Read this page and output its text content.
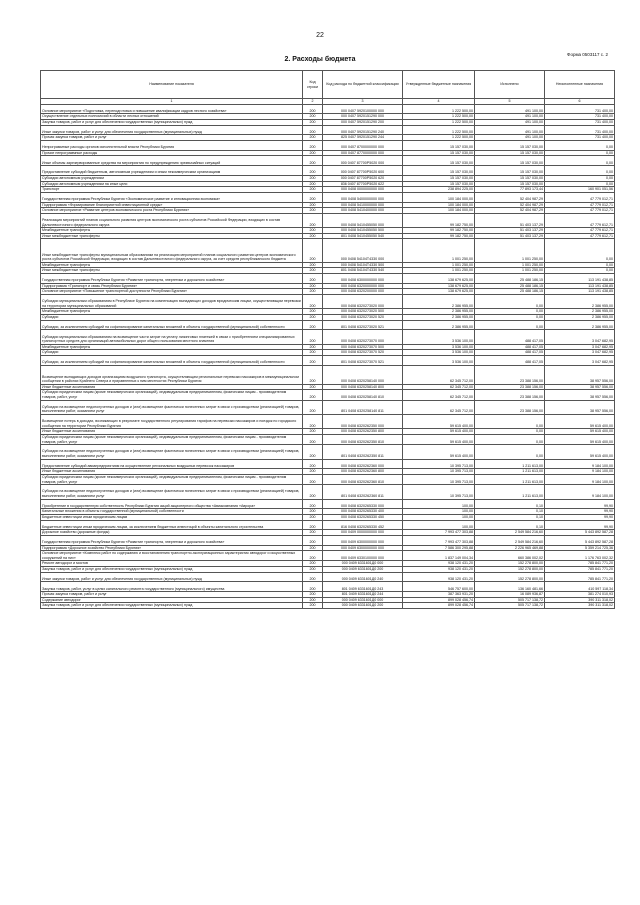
22
Форма 0503117 с. 2
2. Расходы бюджета
Наименование показателя	Код строки	Код расхода по бюджетной классификации	Утвержденные бюджетные назначения	Исполнено	Неисполненные назначения
1	2	3	4	5	6
Основное мероприятие «Подготовка, переподготовка и повышение квалификации кадров лесного хозяйства»	200	000 0407 5920100000 000	1 222 500,00	491 100,00	731 400,00
Осуществление отдельных полномочий в области лесных отношений	200	000 0407 5920151290 000	1 222 500,00	491 100,00	731 400,00
Закупка товаров, работ и услуг для обеспечения государственных (муниципальных) нужд	200	000 0407 5920151290 200	1 222 500,00	491 100,00	731 400,00
Иные закупки товаров, работ и услуг для обеспечения государственных (муниципальных) нужд	200	000 0407 5920151290 240	1 222 500,00	491 100,00	731 400,00
Прочая закупка товаров, работ и услуг	200	825 0407 5920151290 244	1 222 500,00	491 100,00	731 400,00
Непрограммные расходы органов исполнительной власти Республики Бурятия	200	000 0407 8700000000 000	15 157 030,00	15 157 030,00	0,00
Прочие непрограммные расходы	200	000 0407 8770000000 000	15 157 030,00	15 157 030,00	0,00
Иные объемы зарезервированные средства на мероприятия по предупреждению чрезвычайных ситуаций	200	000 0407 87700P5020 000	15 157 030,00	15 157 030,00	0,00
Предоставление субсидий бюджетным, автономным учреждениям и иным некоммерческим организациям	200	000 0407 87700P5020 600	15 157 030,00	15 157 030,00	0,00
Субсидии автономным учреждениям	200	000 0407 87700P5020 620	15 157 030,00	15 157 030,00	0,00
Субсидии автономным учреждениям на иные цели	200	836 0407 87700P5020 622	15 157 030,00	15 157 030,00	0,00
Транспорт	200	000 0408 0000000000 000	238 894 225,00	77 893 173,44	160 901 051,56
Государственная программа Республики Бурятия «Экономическое развитие и инновационная экономика»	200	000 0408 5400000000 000	100 184 000,00	52 404 987,29	47 779 012,71
Подпрограмма «Формирование благоприятной инвестиционной среды»	200	000 0408 5410000000 000	100 184 000,00	52 404 987,29	47 779 012,71
Основное мероприятие «Развитие центров экономического роста Республики Бурятия»	200	000 0408 5410400000 000	100 184 000,00	52 404 987,29	47 779 012,71
Реализация мероприятий планов социального развития центров экономического роста субъектов Российской Федерации, входящих в состав Дальневосточного федерального округа	200	000 0408 5410455050 000	99 182 750,00	51 403 137,29	47 779 612,71
Межбюджетные трансферты	200	000 0408 5410455050 500	99 182 750,00	51 403 137,29	47 779 612,71
Иные межбюджетные трансферты	200	801 0408 5410455050 540	99 182 750,00	51 403 137,29	47 779 612,71
Иные межбюджетные трансферты муниципальным образованиям на реализацию мероприятий планов социального развития центров экономического роста субъектов Российской Федерации, входящих в состав Дальневосточного федерального округа, за счет средств республиканского бюджета	200	000 0408 54104Т4330 000	1 001 250,00	1 001 250,00	0,00
Межбюджетные трансферты	200	000 0408 54104Т4330 500	1 001 250,00	1 001 250,00	0,00
Иные межбюджетные трансферты	200	801 0408 54104Т4330 540	1 001 250,00	1 001 250,00	0,00
Государственная программа Республики Бурятия «Развитие транспорта, энергетики и дорожного хозяйства»	200	000 0408 6300000000 000	138 679 625,00	25 488 186,15	113 191 438,85
Подпрограмма «Транспорт и связь Республики Бурятия»	200	000 0408 6320000000 000	138 679 625,00	25 488 186,15	113 191 438,85
Основное мероприятие «Повышение транспортной доступности Республики Бурятия»	200	000 0408 6320200000 000	138 679 625,00	25 488 186,15	113 191 438,85
Субсидии муниципальным образованиям в Республике Бурятия на компенсацию выпадающих доходов юридическим лицам, осуществляющим перевозки на территории муниципальных образований	200	000 0408 6320273020 000	2 386 955,00	0,00	2 386 955,00
Межбюджетные трансферты	200	000 0408 6320273020 500	2 386 955,00	0,00	2 386 955,00
Субсидии	200	000 0408 6320273020 520	2 386 955,00	0,00	2 386 955,00
Субсидии, за исключением субсидий на софинансирование капитальных вложений в объекты государственной (муниципальной) собственности	200	801 0408 6320273020 521	2 386 955,00	0,00	2 386 955,00
Субсидии муниципальным образованиям на возмещение части затрат на уплату лизинговых платежей в связи с приобретением специализированных транспортных средств для организаций автомобильных дорог общего пользования местного значения	200	000 0408 6320273070 000	3 536 100,00	488 417,05	3 047 682,95
Межбюджетные трансферты	200	000 0408 6320273070 500	3 536 100,00	488 417,05	3 047 682,95
Субсидии	200	000 0408 6320273070 520	3 536 100,00	488 417,05	3 047 682,95
Субсидии, за исключением субсидий на софинансирование капитальных вложений в объекты государственной (муниципальной) собственности	200	801 0408 6320273070 521	3 536 100,00	488 417,05	3 047 682,95
Возмещение выпадающих доходов организациям воздушного транспорта, осуществляющим региональные перевозки пассажиров в межмуниципальном сообщении в районах Крайнего Севера и приравненных к ним местностях Республики Бурятия	200	000 0408 6320258140 000	62 345 712,00	23 388 156,00	38 957 556,00
Иные бюджетные ассигнования	200	000 0408 6320258140 800	62 345 712,00	23 388 156,00	38 957 556,00
Субсидии юридическим лицам (кроме некоммерческих организаций), индивидуальным предпринимателям, физическим лицам - производителям товаров, работ, услуг	200	000 0408 6320258140 810	62 345 712,00	23 388 156,00	38 957 556,00
Субсидии на возмещение недополученных доходов и (или) возмещение фактически понесенных затрат в связи с производством (реализацией) товаров, выполнением работ, оказанием услуг	200	801 0408 6320258140 811	62 345 712,00	23 388 156,00	38 957 556,00
Возмещение потерь в доходах, возникающих в результате государственного регулирования тарифов на перевозки пассажиров и поездок по городского сообщения на территории Республики Бурятия	200	000 0408 6320262350 000	59 615 400,00	0,00	59 615 400,00
Иные бюджетные ассигнования	200	000 0408 6320262350 800	59 615 400,00	0,00	59 615 400,00
Субсидии юридическим лицам (кроме некоммерческих организаций), индивидуальным предпринимателям, физическим лицам - производителям товаров, работ, услуг	200	000 0408 6320262350 810	59 615 400,00	0,00	59 615 400,00
Субсидии на возмещение недополученных доходов и (или) возмещение фактически понесенных затрат в связи с производством (реализацией) товаров, выполнением работ, оказанием услуг	200	801 0408 6320262350 811	59 615 400,00	0,00	59 615 400,00
Предоставление субсидий авиапредприятиям на осуществление региональных воздушных перевозок пассажиров	200	000 0408 6320262360 000	10 395 713,00	1 211 613,00	9 184 100,00
Иные бюджетные ассигнования	200	000 0408 6320262360 800	10 395 713,00	1 211 613,00	9 184 100,00
Субсидии юридическим лицам (кроме некоммерческих организаций), индивидуальным предпринимателям, физическим лицам - производителям товаров, работ, услуг	200	000 0408 6320262360 810	10 395 713,00	1 211 613,00	9 184 100,00
Субсидии на возмещение недополученных доходов и (или) возмещение фактически понесенных затрат в связи с производством (реализацией) товаров, выполнением работ, оказанием услуг	200	801 0408 6320262360 811	10 395 713,00	1 211 613,00	9 184 100,00
Приобретение в государственную собственность Республики Бурятия акций акционерного общества «Авиакомпания «Аврора»	200	000 0408 6320265330 000	100,00	0,10	99,90
Капитальные вложения в объекты государственной (муниципальной) собственности	200	000 0408 6320265330 400	100,00	0,10	99,90
Бюджетные инвестиции иным юридическим лицам	200	000 0408 6320265330 450	100,00	0,10	99,90
Бюджетные инвестиции иным юридическим лицам, за исключением бюджетных инвестиций в объекты капитального строительства	200	816 0408 6320265330 452	100,00	0,10	99,90
Дорожное хозяйство (дорожные фонды)	200	000 0409 0000000000 000	7 993 477 303,88	2 549 584 216,60	5 443 892 587,28
Государственная программа Республики Бурятия «Развитие транспорта, энергетики и дорожного хозяйства»	200	000 0409 6300000000 000	7 993 477 303,88	2 549 584 216,60	5 443 892 587,28
Подпрограмма «Дорожное хозяйство Республики Бурятия»	200	000 0409 6300000000 000	7 586 300 295,88	2 226 965 469,88	5 359 214 725,36
Основное мероприятие «Комплекс работ по содержанию и восстановлению транспортно-эксплуатационных характеристик автодорог и искусственных сооружений на них»	200	000 0409 6330100000 000	1 837 149 004,34	660 386 002,02	1 176 763 002,32
Ремонт автодорог и мостов	200	000 0409 6331601Д0 000	938 120 431,20	152 278 800,00	785 841 771,20
Закупка товаров, работ и услуг для обеспечения государственных (муниципальных) нужд	200	000 0409 6331601Д0 200	938 120 431,20	152 278 800,00	785 841 771,20
Иные закупки товаров, работ и услуг для обеспечения государственных (муниципальных) нужд	200	000 0409 6331601Д0 240	938 120 431,20	152 278 800,00	785 841 771,20
Закупка товаров, работ, услуг в целях капитального ремонта государственного (муниципального) имущества	200	801 0409 6331601Д0 243	546 757 600,00	136 160 481,66	410 597 118,34
Прочая закупка товаров, работ и услуг	200	801 0409 6331601Д0 244	387 363 931,20	16 089 936,87	381 274 010,93
Содержание автодорог	200	000 0409 6331601Д0 000	899 028 456,74	505 717 138,72	390 311 318,02
Закупка товаров, работ и услуг для обеспечения государственных (муниципальных) нужд	200	000 0409 6331601Д0 200	899 028 456,74	505 717 138,72	390 311 318,02
